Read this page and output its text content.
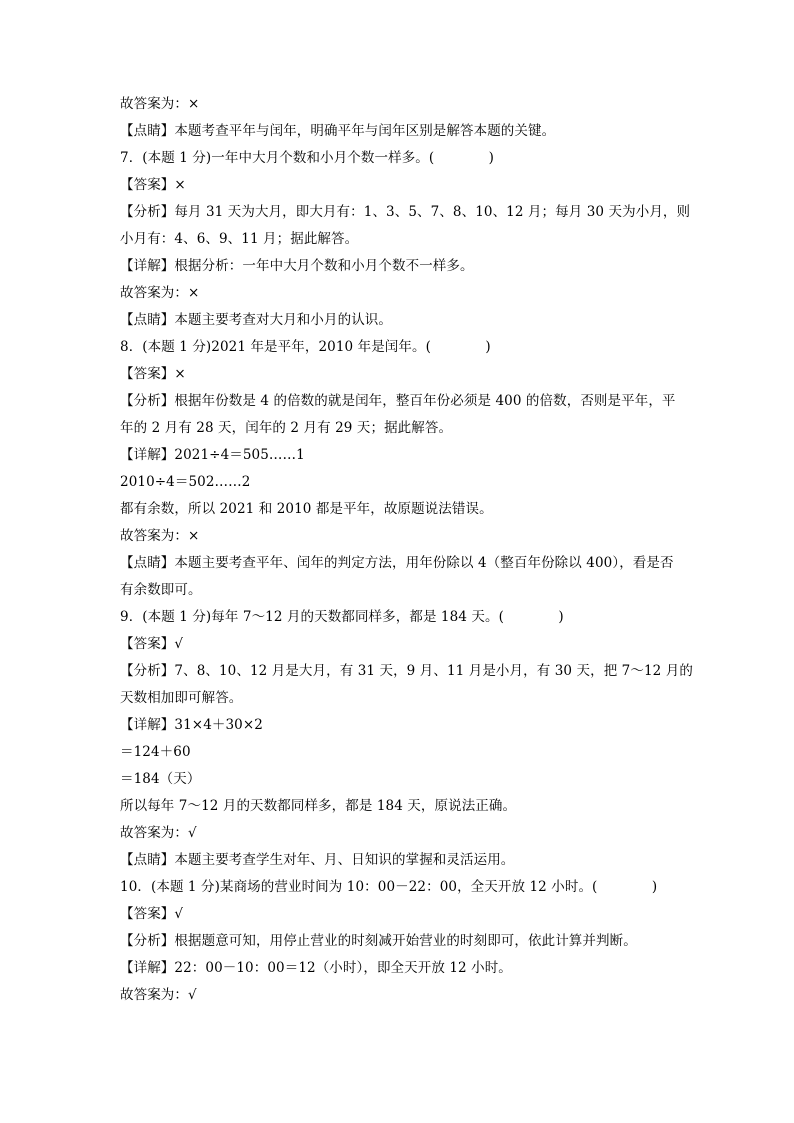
故答案为：×
【点睛】本题考查平年与闰年，明确平年与闰年区别是解答本题的关键。
7．(本题 1 分)一年中大月个数和小月个数一样多。(　　　　)
【答案】×
【分析】每月 31 天为大月，即大月有：1、3、5、7、8、10、12 月；每月 30 天为小月，则
小月有：4、6、9、11 月；据此解答。
【详解】根据分析：一年中大月个数和小月个数不一样多。
故答案为：×
【点睛】本题主要考查对大月和小月的认识。
8．(本题 1 分)2021 年是平年，2010 年是闰年。(　　　　)
【答案】×
【分析】根据年份数是 4 的倍数的就是闰年，整百年份必须是 400 的倍数，否则是平年，平
年的 2 月有 28 天，闰年的 2 月有 29 天；据此解答。
【详解】2021÷4＝505……1
2010÷4＝502……2
都有余数，所以 2021 和 2010 都是平年，故原题说法错误。
故答案为：×
【点睛】本题主要考查平年、闰年的判定方法，用年份除以 4（整百年份除以 400），看是否
有余数即可。
9．(本题 1 分)每年 7～12 月的天数都同样多，都是 184 天。(　　　　)
【答案】√
【分析】7、8、10、12 月是大月，有 31 天，9 月、11 月是小月，有 30 天，把 7～12 月的
天数相加即可解答。
【详解】31×4＋30×2
＝124＋60
＝184（天）
所以每年 7～12 月的天数都同样多，都是 184 天，原说法正确。
故答案为：√
【点睛】本题主要考查学生对年、月、日知识的掌握和灵活运用。
10．(本题 1 分)某商场的营业时间为 10：00－22：00，全天开放 12 小时。(　　　　)
【答案】√
【分析】根据题意可知，用停止营业的时刻减开始营业的时刻即可，依此计算并判断。
【详解】22：00－10：00＝12（小时），即全天开放 12 小时。
故答案为：√
